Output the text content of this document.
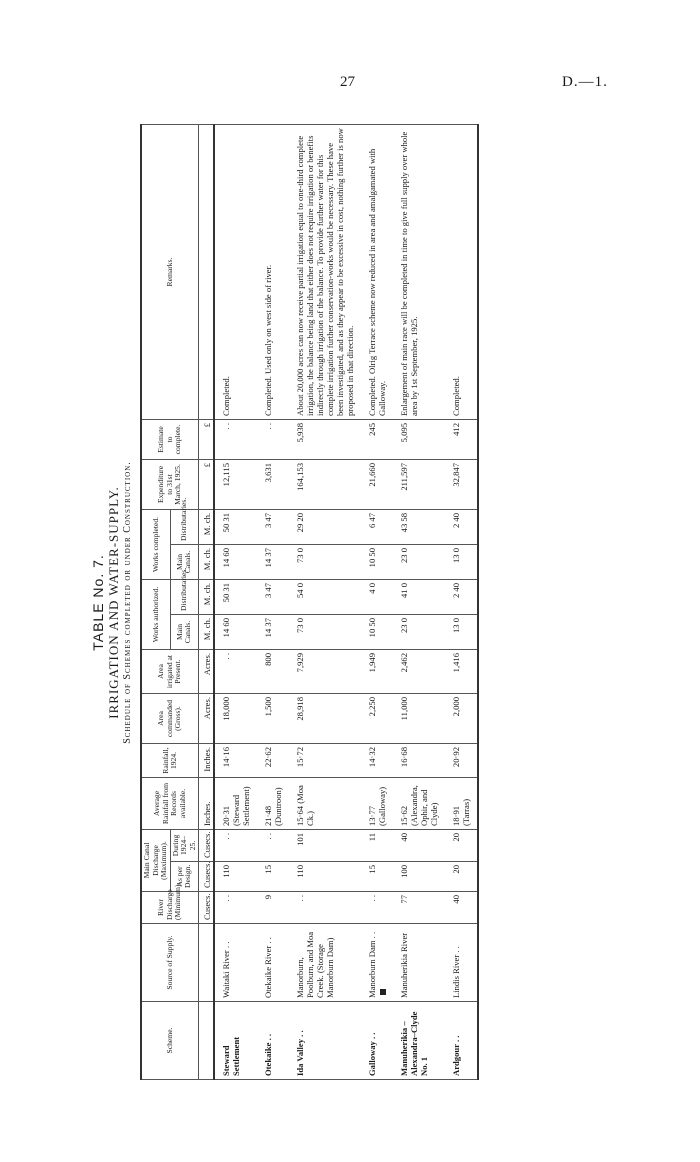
27	D.—1.
TABLE No. 7. IRRIGATION AND WATER-SUPPLY. Schedule of Schemes completed or under Construction.
Scheme.	Source of Supply.	River Discharge (Minimum).	Main Canal Discharge (Maximum).		Average Rainfall from Records available.	Rainfall, 1924.	Area commanded (Gross).	Area irrigated at Present.	Works authorized.		Works completed.		Expenditure to 31st March, 1925.	Estimate to complete.	Remarks.
			As per Design.	During 1924–25.					Main Canals.	Distributaries.	Main Canals.	Distributaries.			
		Cusecs.	Cusecs.	Cusecs.	Inches.	Inches.	Acres.	Acres.	M. ch.	M. ch.	M. ch.	M. ch.	£	£	
Steward Settlement	Waitaki River . .	. .	110	. .	20·31 (Steward Settlement)	14·16	18,000	. .	14 60	50 31	14 60	50 31	12,115	. .	Completed.
Otekaike . .	Otekaike River . .	9	15	. .	21·48 (Duntroon)	22·62	1,500	800	14 37	3 47	14 37	3 47	3,631	. .	Completed. Used only on west side of river.
Ida Valley . .	Manorburn, Poolburn, and Moa Creek. (Storage Manorburn Dam)	. .	110	101	15·64 (Moa Ck.)	15·72	28,918	7,929	73 0	54 0	73 0	29 20	164,153	5,938	About 20,000 acres can now receive partial irrigation equal to one-third complete irrigation, the balance being land that either does not require irrigation or benefits indirectly through irrigation of the balance. To provide further water for this complete irrigation further conservation-works would be necessary. These have been investigated, and as they appear to be excessive in cost, nothing further is now proposed in that direction.
Galloway . .	Manorburn Dam . .	. .	15	11	13·77 (Galloway)	14·32	2,250	1,949	10 50	4 0	10 50	6 47	21,660	245	Completed. Olrig Terrace scheme now reduced in area and amalgamated with Galloway.
Manuherikia – Alexandra–Clyde No. 1	Manuherikia River	77	100	40	15·62 (Alexandra, Ophir, and Clyde)	16·68	11,000	2,462	23 0	41 0	23 0	43 58	211,597	5,095	Enlargement of main race will be completed in time to give full supply over whole area by 1st September, 1925.
Ardgour . .	Lindis River . .	40	20	20	18·91 (Tarras)	20·92	2,000	1,416	13 0	2 40	13 0	2 40	32,847	412	Completed.
